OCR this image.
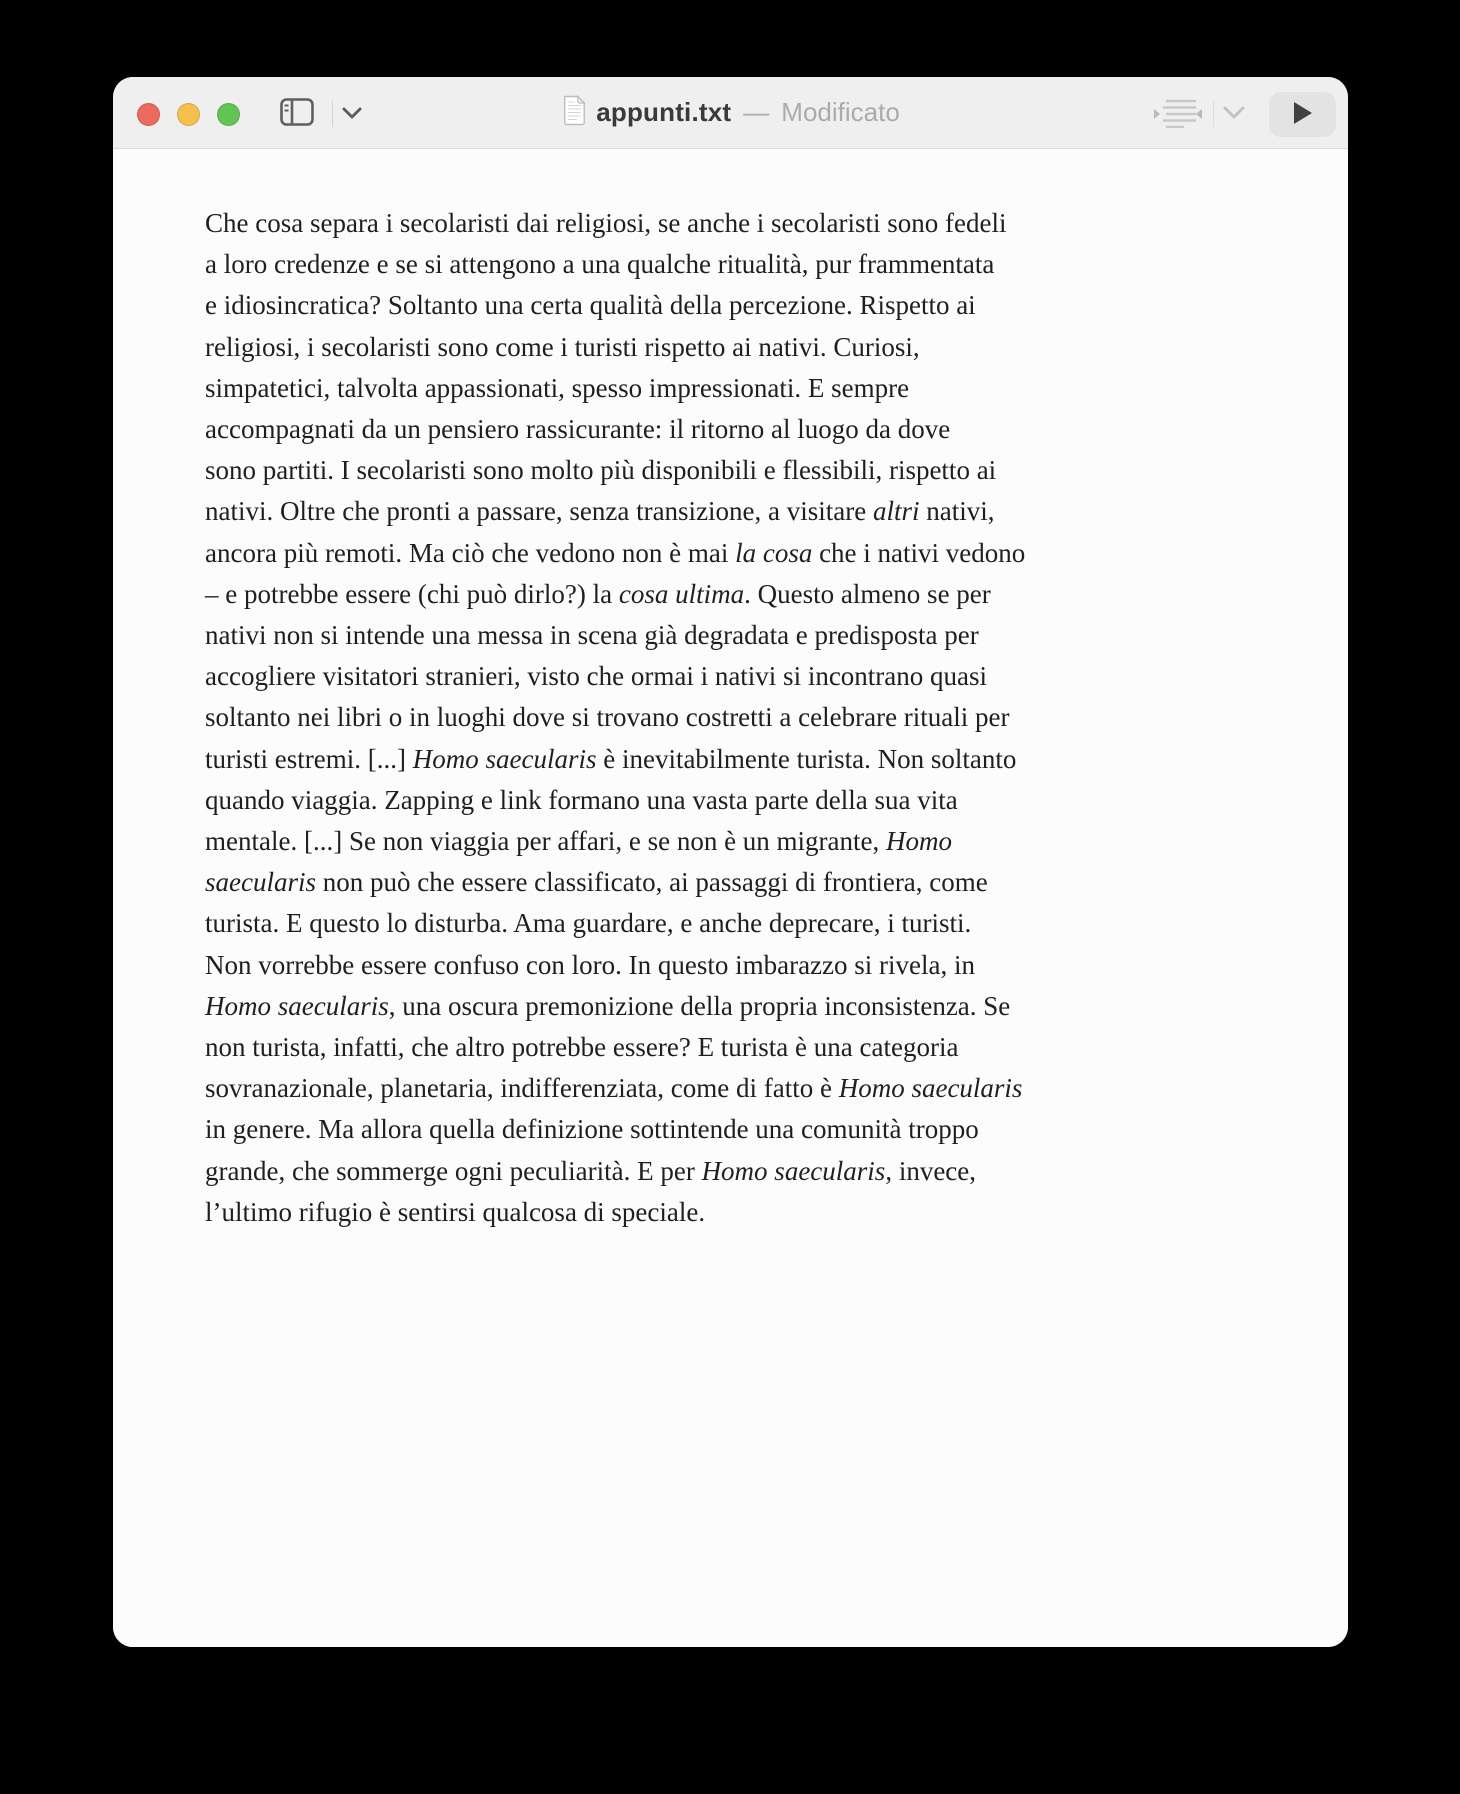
appunti.txt — Modificato
Che cosa separa i secolaristi dai religiosi, se anche i secolaristi sono fedeli
a loro credenze e se si attengono a una qualche ritualità, pur frammentata
e idiosincratica? Soltanto una certa qualità della percezione. Rispetto ai
religiosi, i secolaristi sono come i turisti rispetto ai nativi. Curiosi,
simpatetici, talvolta appassionati, spesso impressionati. E sempre
accompagnati da un pensiero rassicurante: il ritorno al luogo da dove
sono partiti. I secolaristi sono molto più disponibili e flessibili, rispetto ai
nativi. Oltre che pronti a passare, senza transizione, a visitare altri nativi,
ancora più remoti. Ma ciò che vedono non è mai la cosa che i nativi vedono
– e potrebbe essere (chi può dirlo?) la cosa ultima. Questo almeno se per
nativi non si intende una messa in scena già degradata e predisposta per
accogliere visitatori stranieri, visto che ormai i nativi si incontrano quasi
soltanto nei libri o in luoghi dove si trovano costretti a celebrare rituali per
turisti estremi. [...] Homo saecularis è inevitabilmente turista. Non soltanto
quando viaggia. Zapping e link formano una vasta parte della sua vita
mentale. [...] Se non viaggia per affari, e se non è un migrante, Homo
saecularis non può che essere classificato, ai passaggi di frontiera, come
turista. E questo lo disturba. Ama guardare, e anche deprecare, i turisti.
Non vorrebbe essere confuso con loro. In questo imbarazzo si rivela, in
Homo saecularis, una oscura premonizione della propria inconsistenza. Se
non turista, infatti, che altro potrebbe essere? E turista è una categoria
sovranazionale, planetaria, indifferenziata, come di fatto è Homo saecularis
in genere. Ma allora quella definizione sottintende una comunità troppo
grande, che sommerge ogni peculiarità. E per Homo saecularis, invece,
l’ultimo rifugio è sentirsi qualcosa di speciale.
